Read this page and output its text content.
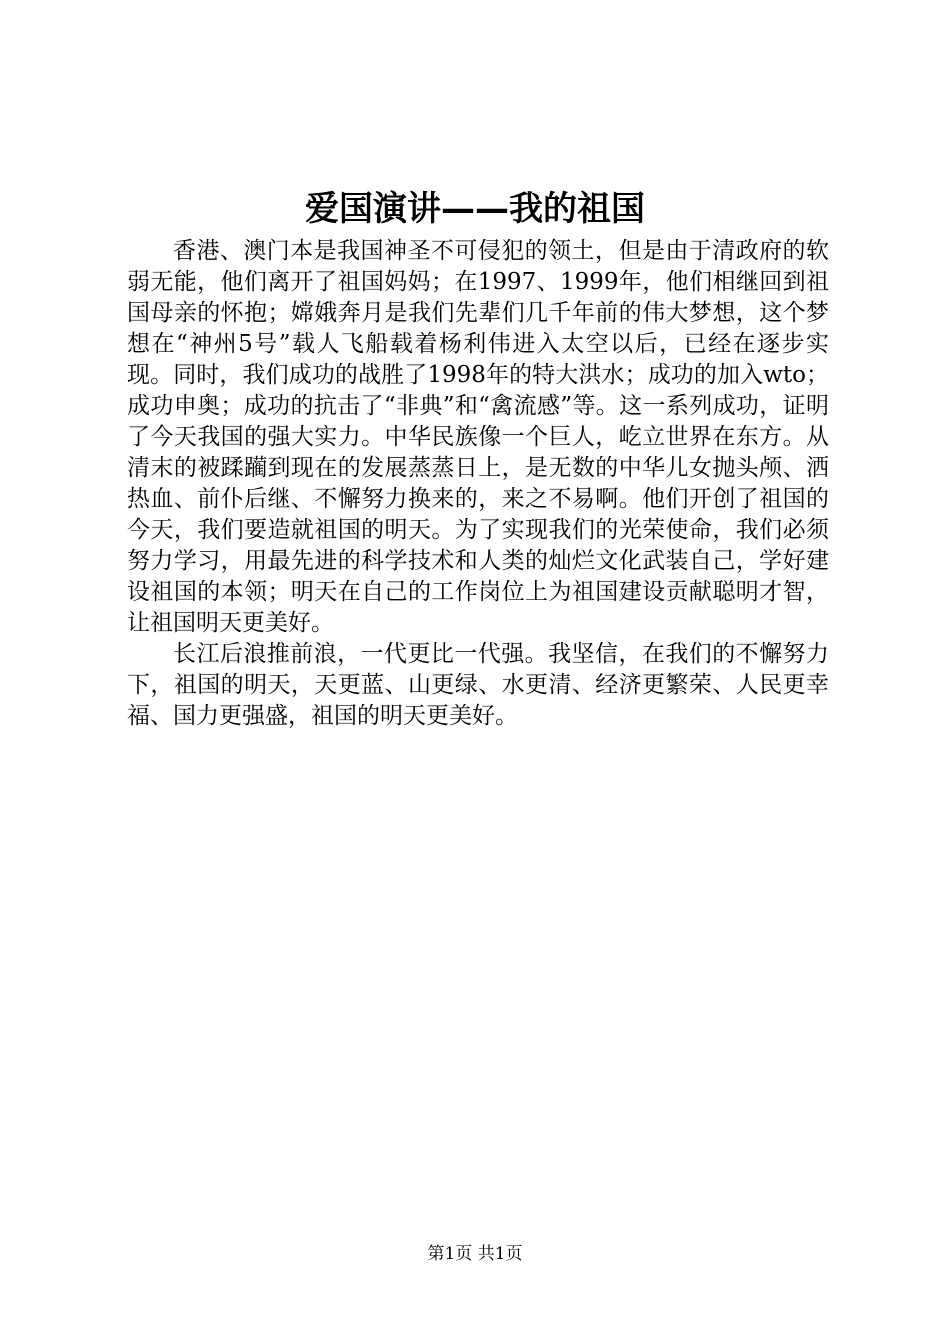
爱国演讲——我的祖国

香港、澳门本是我国神圣不可侵犯的领土，但是由于清政府的软弱无能，他们离开了祖国妈妈；在1997、1999年，他们相继回到祖国母亲的怀抱；嫦娥奔月是我们先辈们几千年前的伟大梦想，这个梦想在“神州5号”载人飞船载着杨利伟进入太空以后，已经在逐步实现。同时，我们成功的战胜了1998年的特大洪水；成功的加入wto；成功申奥；成功的抗击了“非典”和“禽流感”等。这一系列成功，证明了今天我国的强大实力。中华民族像一个巨人，屹立世界在东方。从清末的被蹂躏到现在的发展蒸蒸日上，是无数的中华儿女抛头颅、洒热血、前仆后继、不懈努力换来的，来之不易啊。他们开创了祖国的今天，我们要造就祖国的明天。为了实现我们的光荣使命，我们必须努力学习，用最先进的科学技术和人类的灿烂文化武装自己，学好建设祖国的本领；明天在自己的工作岗位上为祖国建设贡献聪明才智，让祖国明天更美好。

长江后浪推前浪，一代更比一代强。我坚信，在我们的不懈努力下，祖国的明天，天更蓝、山更绿、水更清、经济更繁荣、人民更幸福、国力更强盛，祖国的明天更美好。

第1页 共1页
